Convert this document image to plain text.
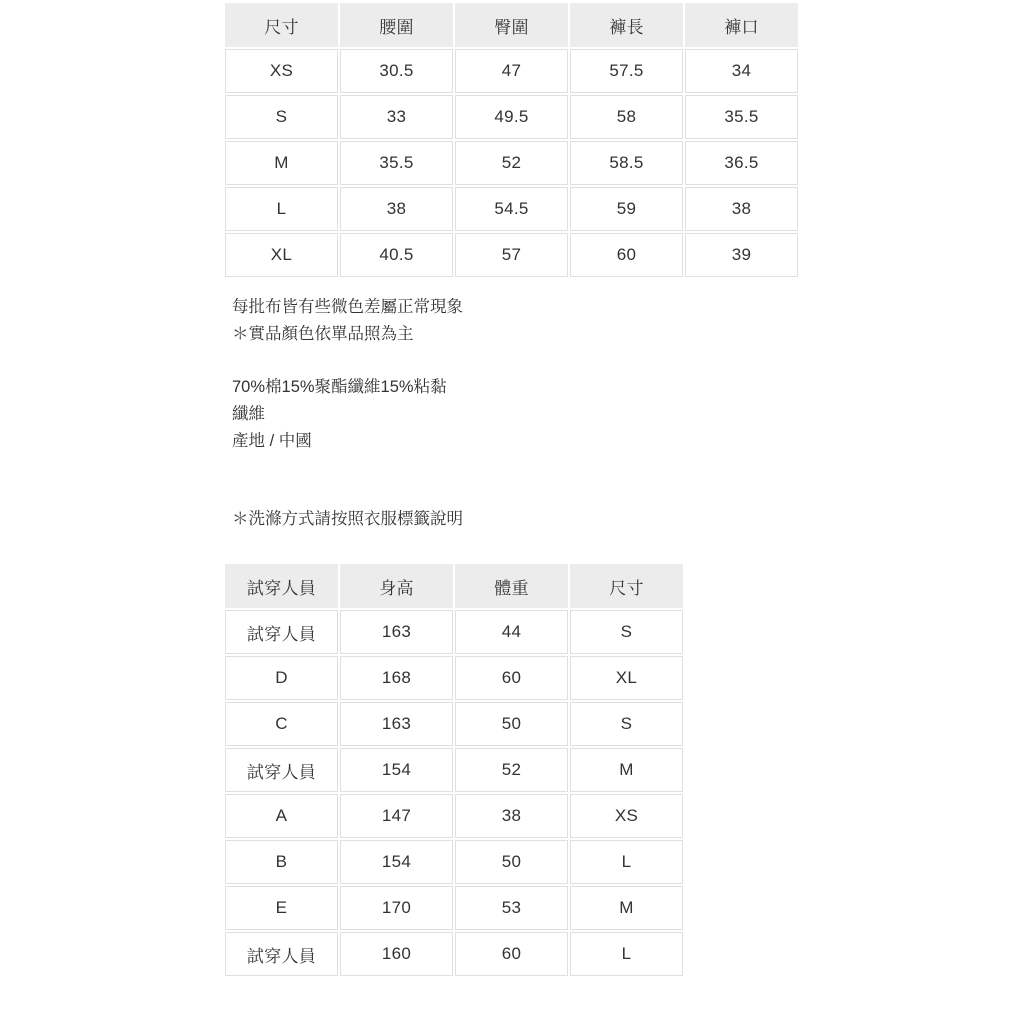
尺寸	腰圍	臀圍	褲長	褲口
XS	30.5	47	57.5	34
S	33	49.5	58	35.5
M	35.5	52	58.5	36.5
L	38	54.5	59	38
XL	40.5	57	60	39

每批布皆有些微色差屬正常現象

＊實品顏色依單品照為主

70%棉15%聚酯纖維15%粘黏

纖維

產地 / 中國

＊洗滌方式請按照衣服標籤說明

試穿人員	身高	體重	尺寸
試穿人員	163	44	S
D	168	60	XL
C	163	50	S
試穿人員	154	52	M
A	147	38	XS
B	154	50	L
E	170	53	M
試穿人員	160	60	L
